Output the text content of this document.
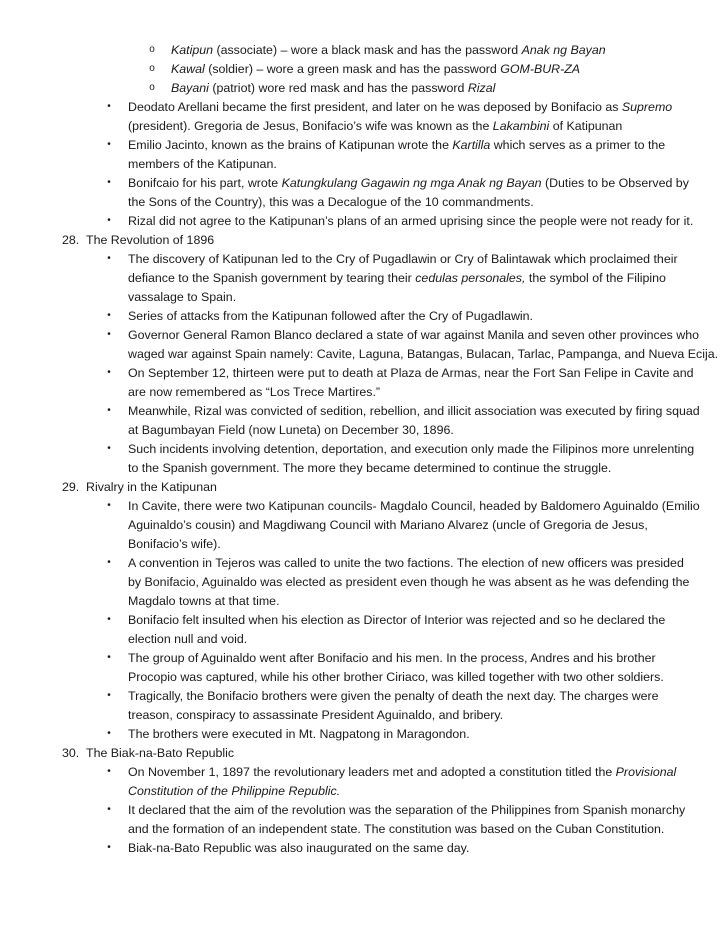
o Katipun (associate) – wore a black mask and has the password Anak ng Bayan
o Kawal (soldier) – wore a green mask and has the password GOM-BUR-ZA
o Bayani (patriot) wore red mask and has the password Rizal
•	Deodato Arellani became the first president, and later on he was deposed by Bonifacio as Supremo
(president). Gregoria de Jesus, Bonifacio’s wife was known as the Lakambini of Katipunan
•	Emilio Jacinto, known as the brains of Katipunan wrote the Kartilla which serves as a primer to the
members of the Katipunan.
•	Bonifcaio for his part, wrote Katungkulang Gagawin ng mga Anak ng Bayan (Duties to be Observed by
the Sons of the Country), this was a Decalogue of the 10 commandments.
•	Rizal did not agree to the Katipunan’s plans of an armed uprising since the people were not ready for it.
28. The Revolution of 1896
•	The discovery of Katipunan led to the Cry of Pugadlawin or Cry of Balintawak which proclaimed their
defiance to the Spanish government by tearing their cedulas personales, the symbol of the Filipino
vassalage to Spain.
•	Series of attacks from the Katipunan followed after the Cry of Pugadlawin.
•	Governor General Ramon Blanco declared a state of war against Manila and seven other provinces who
waged war against Spain namely: Cavite, Laguna, Batangas, Bulacan, Tarlac, Pampanga, and Nueva Ecija.
•	On September 12, thirteen were put to death at Plaza de Armas, near the Fort San Felipe in Cavite and
are now remembered as “Los Trece Martires.”
•	Meanwhile, Rizal was convicted of sedition, rebellion, and illicit association was executed by firing squad
at Bagumbayan Field (now Luneta) on December 30, 1896.
•	Such incidents involving detention, deportation, and execution only made the Filipinos more unrelenting
to the Spanish government. The more they became determined to continue the struggle.
29. Rivalry in the Katipunan
•	In Cavite, there were two Katipunan councils- Magdalo Council, headed by Baldomero Aguinaldo (Emilio
Aguinaldo’s cousin) and Magdiwang Council with Mariano Alvarez (uncle of Gregoria de Jesus,
Bonifacio’s wife).
•	A convention in Tejeros was called to unite the two factions. The election of new officers was presided
by Bonifacio, Aguinaldo was elected as president even though he was absent as he was defending the
Magdalo towns at that time.
•	Bonifacio felt insulted when his election as Director of Interior was rejected and so he declared the
election null and void.
•	The group of Aguinaldo went after Bonifacio and his men. In the process, Andres and his brother
Procopio was captured, while his other brother Ciriaco, was killed together with two other soldiers.
•	Tragically, the Bonifacio brothers were given the penalty of death the next day. The charges were
treason, conspiracy to assassinate President Aguinaldo, and bribery.
•	The brothers were executed in Mt. Nagpatong in Maragondon.
30. The Biak-na-Bato Republic
•	On November 1, 1897 the revolutionary leaders met and adopted a constitution titled the Provisional
Constitution of the Philippine Republic.
•	It declared that the aim of the revolution was the separation of the Philippines from Spanish monarchy
and the formation of an independent state. The constitution was based on the Cuban Constitution.
•	Biak-na-Bato Republic was also inaugurated on the same day.
